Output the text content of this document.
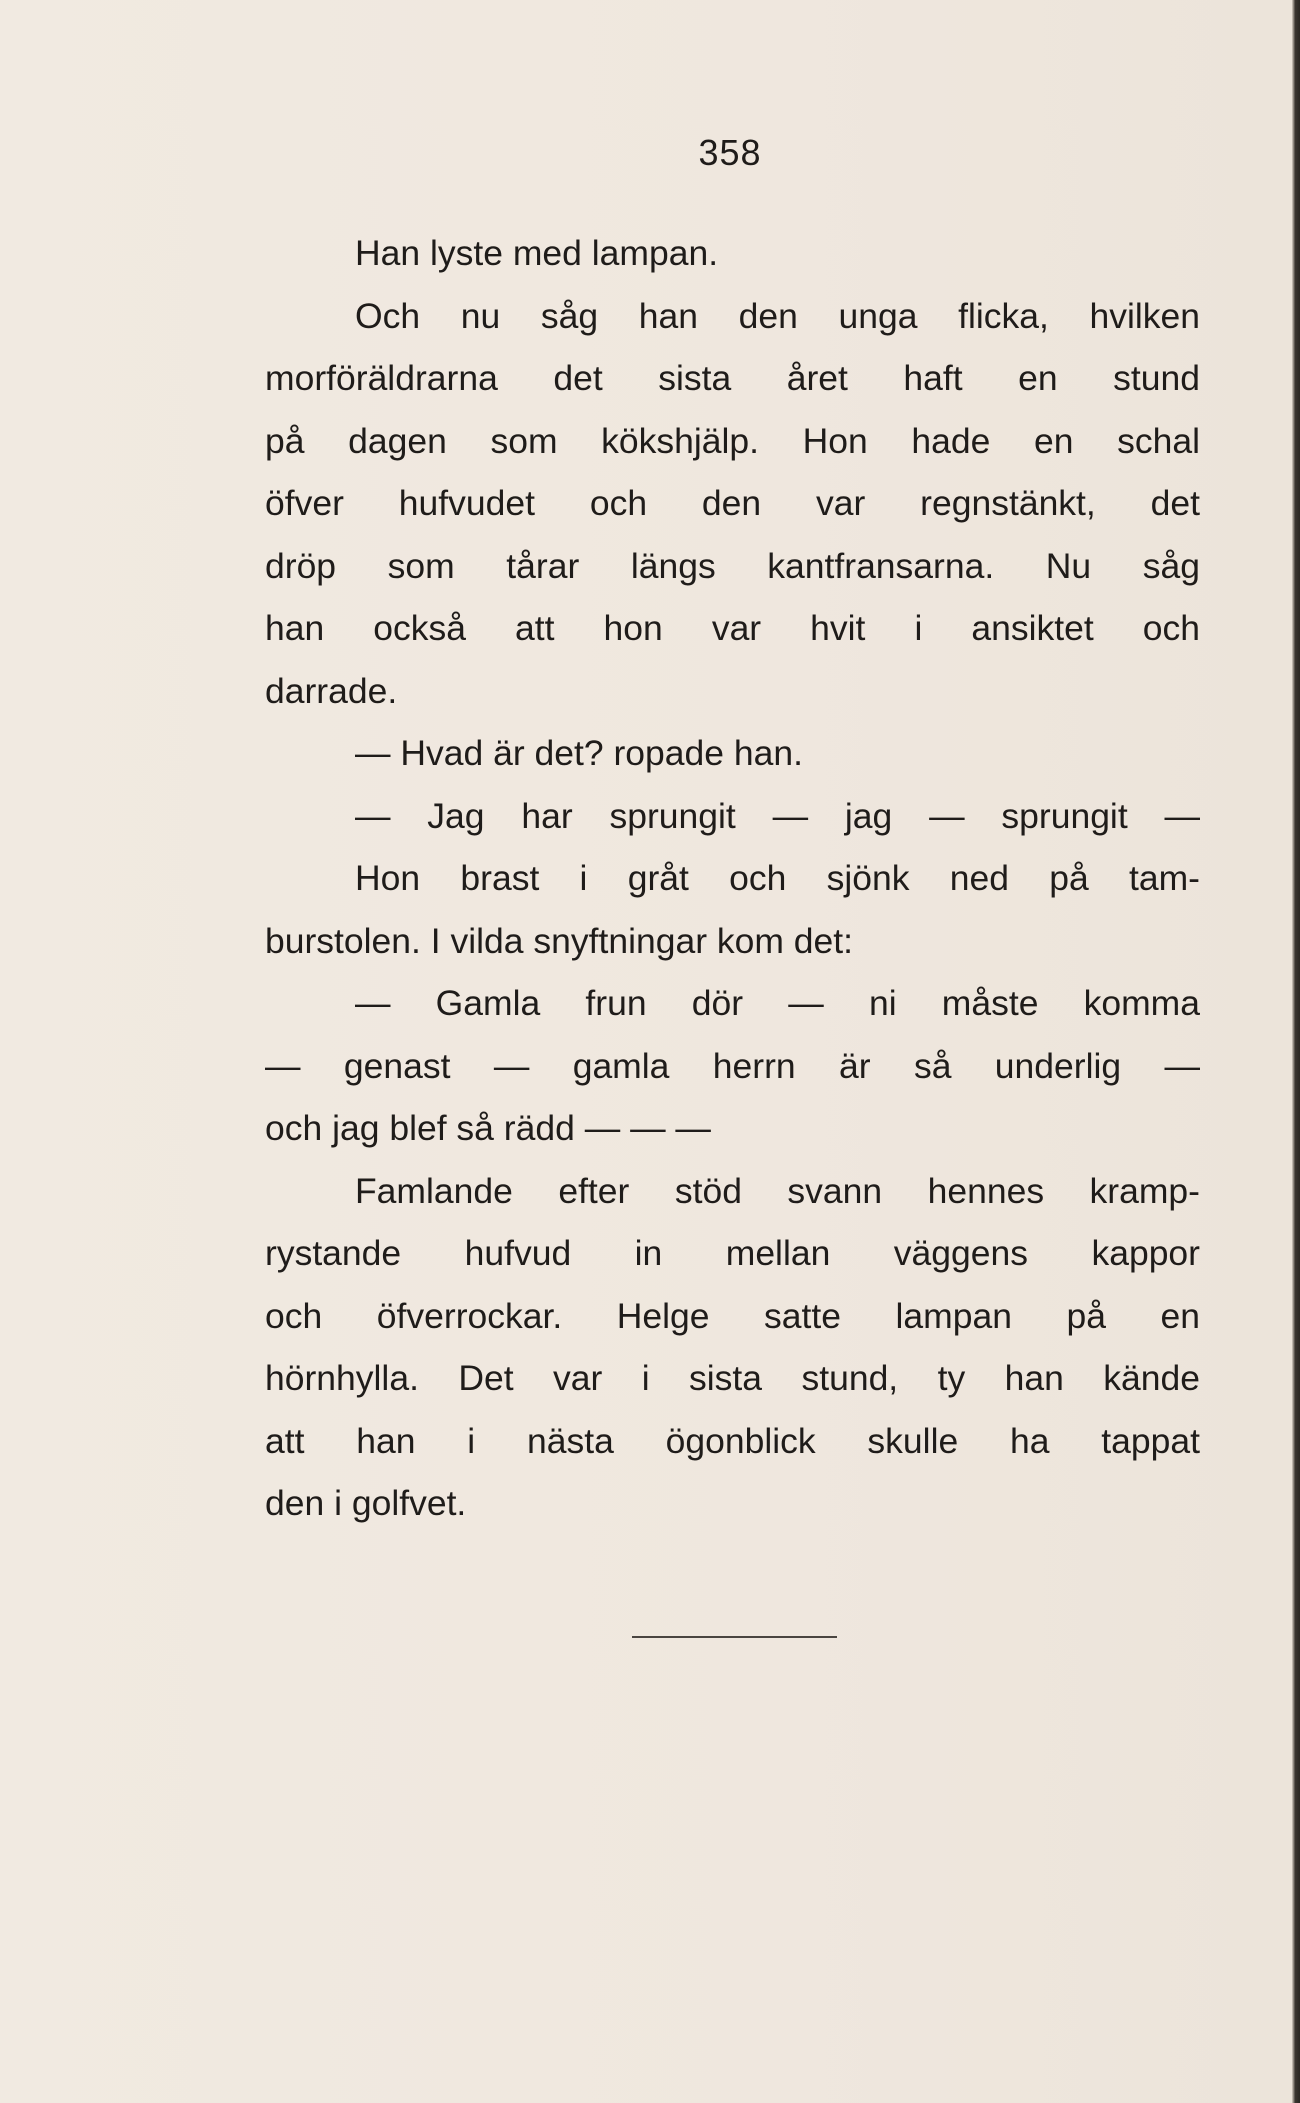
358
Han lyste med lampan.
Och nu såg han den unga flicka, hvilken
morföräldrarna det sista året haft en stund
på dagen som kökshjälp. Hon hade en schal
öfver hufvudet och den var regnstänkt, det
dröp som tårar längs kantfransarna. Nu såg
han också att hon var hvit i ansiktet och
darrade.
— Hvad är det? ropade han.
— Jag har sprungit — jag — sprungit —
Hon brast i gråt och sjönk ned på tam-
burstolen. I vilda snyftningar kom det:
— Gamla frun dör — ni måste komma
— genast — gamla herrn är så underlig —
och jag blef så rädd — — —
Famlande efter stöd svann hennes kramp-
rystande hufvud in mellan väggens kappor
och öfverrockar. Helge satte lampan på en
hörnhylla. Det var i sista stund, ty han kände
att han i nästa ögonblick skulle ha tappat
den i golfvet.
